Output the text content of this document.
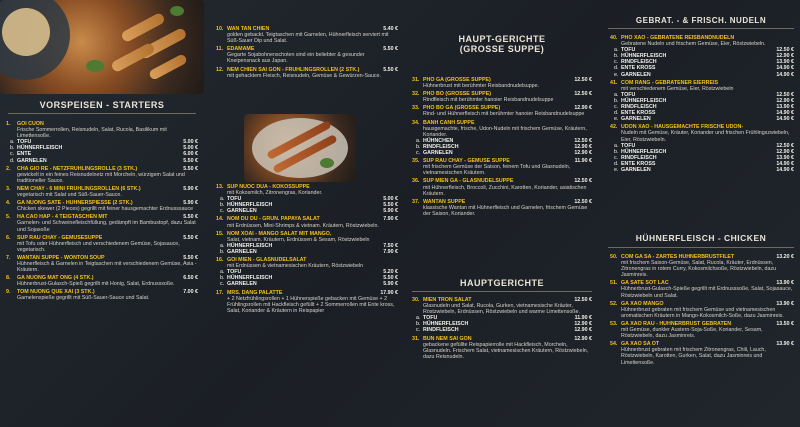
VORSPEISEN - STARTERS
1.	GOI CUON
Frische Sommerrollen, Reisnudeln, Salat, Rucola, Basilikum mit Limettensoße.
a. TOFU	5.00 €
b. HÜHNERFLEISCH	5.00 €
c. ENTE	6.00 €
d. GARNELEN	5.50 €
2.	CHA GIO RE - NETZFRÜHLINGSROLLE (3 STK.)	5.50 €
gewickelt in ein feines Reisnudelnetz mit Morcheln, würzigem Salat und traditioneller Sauce.
3.	NEM CHAY - 6 MINI FRÜHLINGSROLLEN (6 STK.)	5.90 €
vegetarisch mit Salat und Süß-Sauer-Sauce.
4.	GA NUONG SATE - HÜHNERSPIESSE (2 STK.)	5.90 €
Chicken skewer (2 Pieces) gegrillt mit feiner hausgemachter Erdnusssauce
5.	HA CAO HAP - 4 TEIGTASCHEN MIT	5.50 €
Garnelen- und Schweinefleischfüllung, gedämpft im Bambustopf, dazu Salat und Sojasoße
6.	SUP RAU CHAY - GEMÜSESUPPE	5.50 €
mit Tofu oder Hühnerfleisch und verschiedenem Gemüse, Sojasauce, vegetarisch.
7.	WANTAN SUPPE - WONTON SOUP	5.50 €
Hühnerfleisch & Garnelen in Teigtaschen mit verschiedenem Gemüse, Asia - Kräutern.
8.	GA NUONG MAT ONG (4 STK.)	6.50 €
Hühnerbrust-Gulasch-Spieß gegrillt mit Honig, Salat, Erdnusssoße.
9.	TOM NUONG QUE XAI (3 STK.)	7.00 €
Garnelenspieße gegrillt mit Süß-Sauer-Sauce und Salat.
10. WAN TAN CHIEN	5.40 €
golden gebackt. Teigtaschen mit Garnelen, Hühnerfleisch serviert mit Süß-Sauer Dip und Salat.
11. EDAMAME	5.50 €
Gegarte Sojabohnenschoten sind ein beliebter & gesunder Kneipensnack aus Japan.
12. NEM CHIEN SAI GON - FRÜHLINGSROLLEN (2 STK.)	5.50 €
mit gehacktem Fleisch, Reisnudeln, Gemüse & Gewürzen-Sauce.
13. SUP NUOC DUA - KOKOSSUPPE
mit Kokosmilch, Zitronengras, Koriander.
a. TOFU	5.00 €
b. HÜHNERFLEISCH	5.50 €
c. GARNELEN	5.90 €
14. NOM DU DU - GRÜN. PAPAYA SALAT	7.90 €
mit Erdnüssen, Mini-Shrimps & vietnam. Kräutern, Röstzwiebeln.
15. NOM XOAI - MANGO SALAT MIT MANGO,
Salat, vietnam. Kräutern, Erdnüssen & Sesam, Röstzwiebeln
a. HÜHNERFLEISCH	7.50 €
b. GARNELEN	7.90 €
16. GOI MIEN - GLASNUDELSALAT
mit Erdnüssen & vietnamesischen Kräutern, Röstzwiebeln
a. TOFU	5.20 €
b. HÜHNERFLEISCH	5.50 €
c. GARNELEN	5.90 €
17. MRS. DANG PALATTE	17.90 €
+ 2 Netzfrühlingsrollen + 1 Hühnerspieße gebacken mit Gemüse + 2 Frühlingsrollen mit Hackfleisch gefüllt + 2 Sommerrollen mit Ente kross, Salat, Koriander & Kräutern in Reispapier
HAUPT-GERICHTE
(GROSSE SUPPE)
31. PHO GA (GROSSE SUPPE)	12.50 €
Hühnerbrust mit berühmter Reisbandnudelsuppe.
32. PHO BO (GROSSE SUPPE)	12.50 €
Rindfleisch mit berühmter hanoier Reisbandnudelsuppe
33. PHO BO GA (GROSSE SUPPE)	12.90 €
Rind- und Hühnerfleisch mit berühmter hanoier Reisbandnudelsuppe
34. BANH CANH SUPPE
hausgemachte, frische, Udon-Nudeln mit frischem Gemüse, Kräutern, Koriander.
a. HÜHNCHEN	12.50 €
b. RINDFLEISCH	12.90 €
c. GARNELEN	12.90 €
35. SUP RAU CHAY - GEMÜSE SUPPE	11.90 €
mit frischem Gemüse der Saison, feinem Tofu und Glasnudeln, vietnamesischen Kräutern.
36. SUP MIEN GA - GLASNUDELSUPPE	12.50 €
mit Hühnerfleisch, Broccoli, Zucchini, Karotten, Koriander, asiatischen Kräutern.
37. WANTAN SUPPE	12.50 €
klassische Wantan mit Hühnerfleisch und Garnelen, frischem Gemüse der Saison, Koriander.
HAUPTGERICHTE
30. MIEN TRON SALAT	12.50 €
Glasnudeln und Salat, Rucola, Gurken, vietnamesische Kräuter, Röstzwiebeln, Erdnüssen, Röstzwiebeln und warme Limettensoße.
a. TOFU	11.90 €
b. HÜHNERFLEISCH	12.90 €
c. RINDFLEISCH	12.90 €
31. BUN NEM SAI GON	12.90 €
gebackene gefüllte Reispapierrolle mit Hackfleisch, Morcheln, Glasnudeln. Frischem Salat, vietnamesischen Kräutern, Röstzwiebeln, dazu Reisnudeln.
GEBRAT. - & FRISCH. NUDELN
40. PHO XAO - GEBRATENE REISBANDNUDELN
Gebratene Nudeln und frischem Gemüse, Eier, Röstzwiebeln.
a. TOFU	12.50 €
b. HÜHNERFLEISCH	12.90 €
c. RINDFLEISCH	13.90 €
d. ENTE KROSS	14.90 €
e. GARNELEN	14.90 €
41. COM RANG - GEBRATENER EIERREIS
mit verschiedenem Gemüse, Eier, Röstzwiebeln
a. TOFU	12.50 €
b. HÜHNERFLEISCH	12.90 €
c. RINDFLEISCH	13.90 €
d. ENTE KROSS	14.90 €
e. GARNELEN	14.90 €
42. UDON XAO - HAUSGEMACHTE FRISCHE UDON-
Nudeln mit Gemüse, Kräuter, Koriander und frischen Frühlingszwiebeln, Eier, Röstzwiebeln.
a. TOFU	12.50 €
b. HÜHNERFLEISCH	12.90 €
c. RINDFLEISCH	13.90 €
d. ENTE KROSS	14.90 €
e. GARNELEN	14.90 €
HÜHNERFLEISCH - CHICKEN
50. COM GA SA - ZARTES HÜHNERBRUSTFILET	13.20 €
mit frischem Saison-Gemüse, Salat, Rucola, Kräuter, Erdnüssen, Zitronengras in rotem Curry, Kokosmilchsoße, Röstzwiebeln, dazu Jasminreis.
51. GA SATE SOT LAC	13.90 €
Hühnerbrust-Gulasch-Spieße gegrillt mit Erdnusssoße, Salat, Sojasauce, Röstzwiebeln und Salat.
52. GA XAO MANGO	13.90 €
Hühnerbrust gebraten mit frischem Gemüse und vietnamesischen aromatischen Kräutern in Mango-Kokosmilch-Soße, dazu Jasminreis.
53. GA XAO RAU - HÜHNERBRUST GEBRATEN	13.50 €
mit Gemüse, dunkler Austern-Soja-Soße, Koriander, Sesam, Röstzwiebeln, dazu Jasminreis.
54. GA XAO SA OT	13.90 €
Hühnerbrust gebraten mit frischem Zitronengras, Chili, Lauch, Röstzwiebeln, Karotten, Gurken, Salat, dazu Jasminreis und Limettensoße.
